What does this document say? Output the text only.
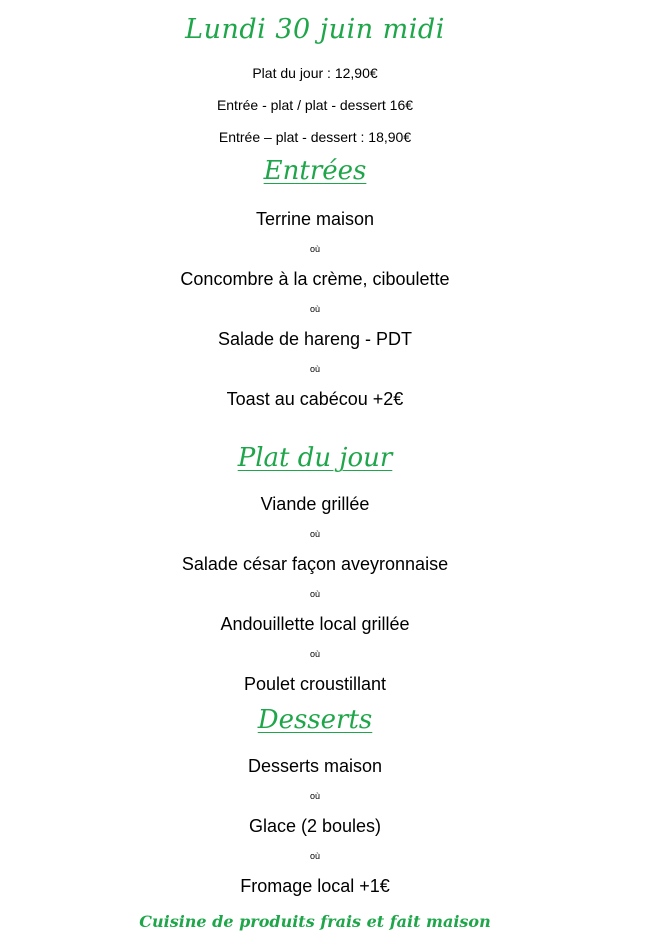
Lundi 30 juin midi
Plat du jour : 12,90€
Entrée - plat / plat - dessert 16€
Entrée – plat - dessert : 18,90€
Entrées
Terrine maison
où
Concombre à la crème, ciboulette
où
Salade de hareng - PDT
où
Toast au cabécou +2€
Plat du jour
Viande grillée
où
Salade césar façon aveyronnaise
où
Andouillette local grillée
où
Poulet croustillant
Desserts
Desserts maison
où
Glace (2 boules)
où
Fromage local +1€
Cuisine de produits frais et fait maison
